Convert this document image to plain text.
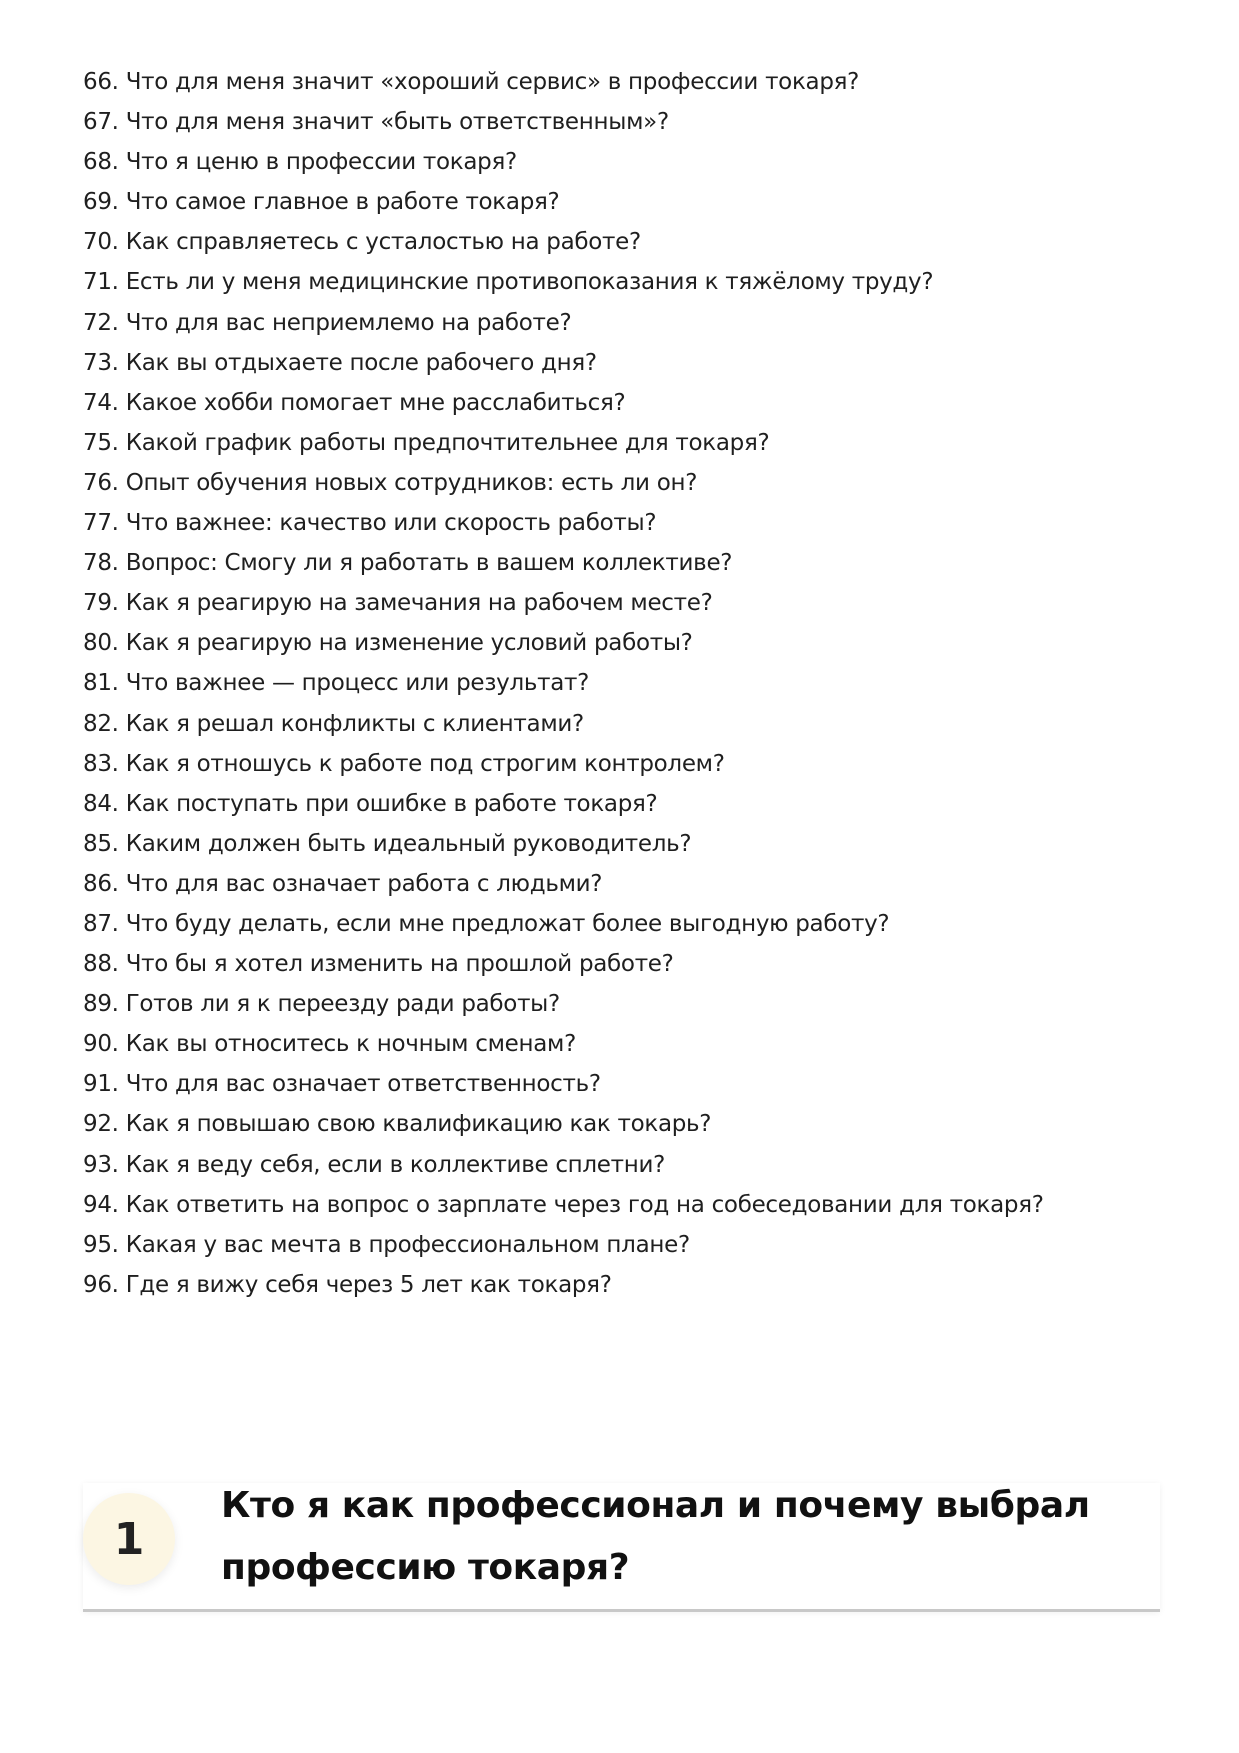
66. Что для меня значит «хороший сервис» в профессии токаря?
67. Что для меня значит «быть ответственным»?
68. Что я ценю в профессии токаря?
69. Что самое главное в работе токаря?
70. Как справляетесь с усталостью на работе?
71. Есть ли у меня медицинские противопоказания к тяжёлому труду?
72. Что для вас неприемлемо на работе?
73. Как вы отдыхаете после рабочего дня?
74. Какое хобби помогает мне расслабиться?
75. Какой график работы предпочтительнее для токаря?
76. Опыт обучения новых сотрудников: есть ли он?
77. Что важнее: качество или скорость работы?
78. Вопрос: Смогу ли я работать в вашем коллективе?
79. Как я реагирую на замечания на рабочем месте?
80. Как я реагирую на изменение условий работы?
81. Что важнее — процесс или результат?
82. Как я решал конфликты с клиентами?
83. Как я отношусь к работе под строгим контролем?
84. Как поступать при ошибке в работе токаря?
85. Каким должен быть идеальный руководитель?
86. Что для вас означает работа с людьми?
87. Что буду делать, если мне предложат более выгодную работу?
88. Что бы я хотел изменить на прошлой работе?
89. Готов ли я к переезду ради работы?
90. Как вы относитесь к ночным сменам?
91. Что для вас означает ответственность?
92. Как я повышаю свою квалификацию как токарь?
93. Как я веду себя, если в коллективе сплетни?
94. Как ответить на вопрос о зарплате через год на собеседовании для токаря?
95. Какая у вас мечта в профессиональном плане?
96. Где я вижу себя через 5 лет как токаря?
1
Кто я как профессионал и почему выбрал профессию токаря?
